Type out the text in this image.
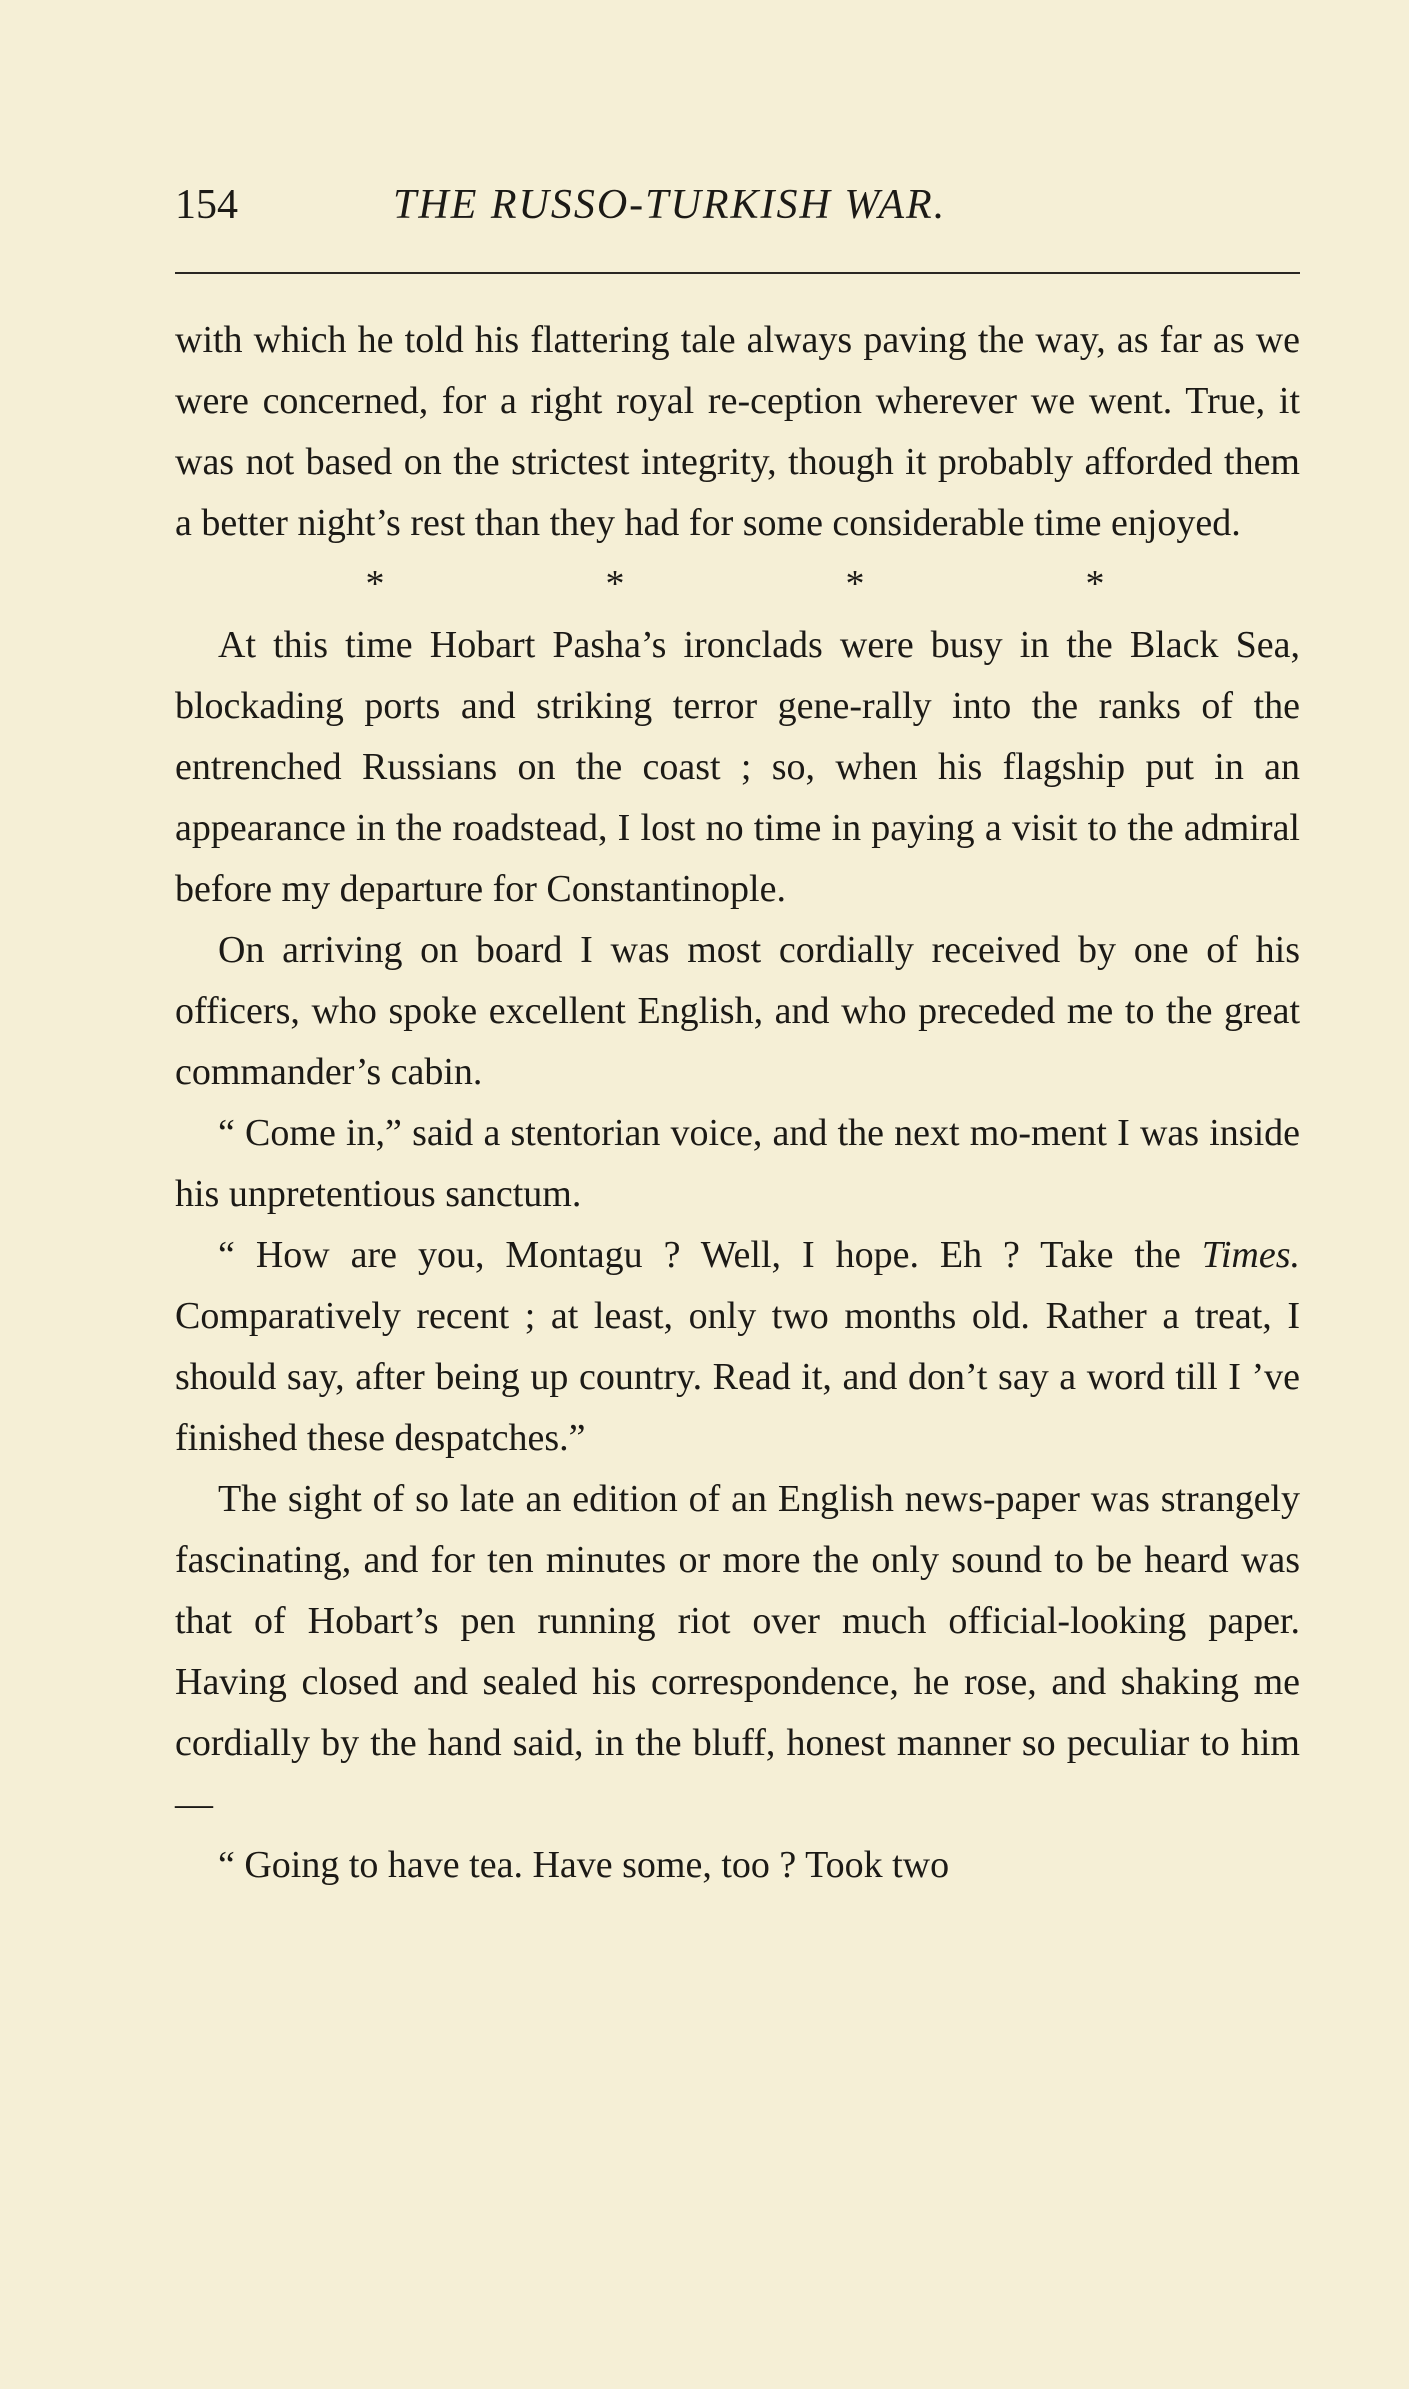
154	THE RUSSO-TURKISH WAR.

with which he told his flattering tale always paving the way, as far as we were concerned, for a right royal re-ception wherever we went. True, it was not based on the strictest integrity, though it probably afforded them a better night’s rest than they had for some considerable time enjoyed.

*	*	*	*

At this time Hobart Pasha’s ironclads were busy in the Black Sea, blockading ports and striking terror gene-rally into the ranks of the entrenched Russians on the coast ; so, when his flagship put in an appearance in the roadstead, I lost no time in paying a visit to the admiral before my departure for Constantinople.

On arriving on board I was most cordially received by one of his officers, who spoke excellent English, and who preceded me to the great commander’s cabin.

“ Come in,” said a stentorian voice, and the next mo-ment I was inside his unpretentious sanctum.

“ How are you, Montagu ? Well, I hope. Eh ? Take the Times. Comparatively recent ; at least, only two months old. Rather a treat, I should say, after being up country. Read it, and don’t say a word till I ’ve finished these despatches.”

The sight of so late an edition of an English news-paper was strangely fascinating, and for ten minutes or more the only sound to be heard was that of Hobart’s pen running riot over much official-looking paper. Having closed and sealed his correspondence, he rose, and shaking me cordially by the hand said, in the bluff, honest manner so peculiar to him—

“ Going to have tea. Have some, too ? Took two
